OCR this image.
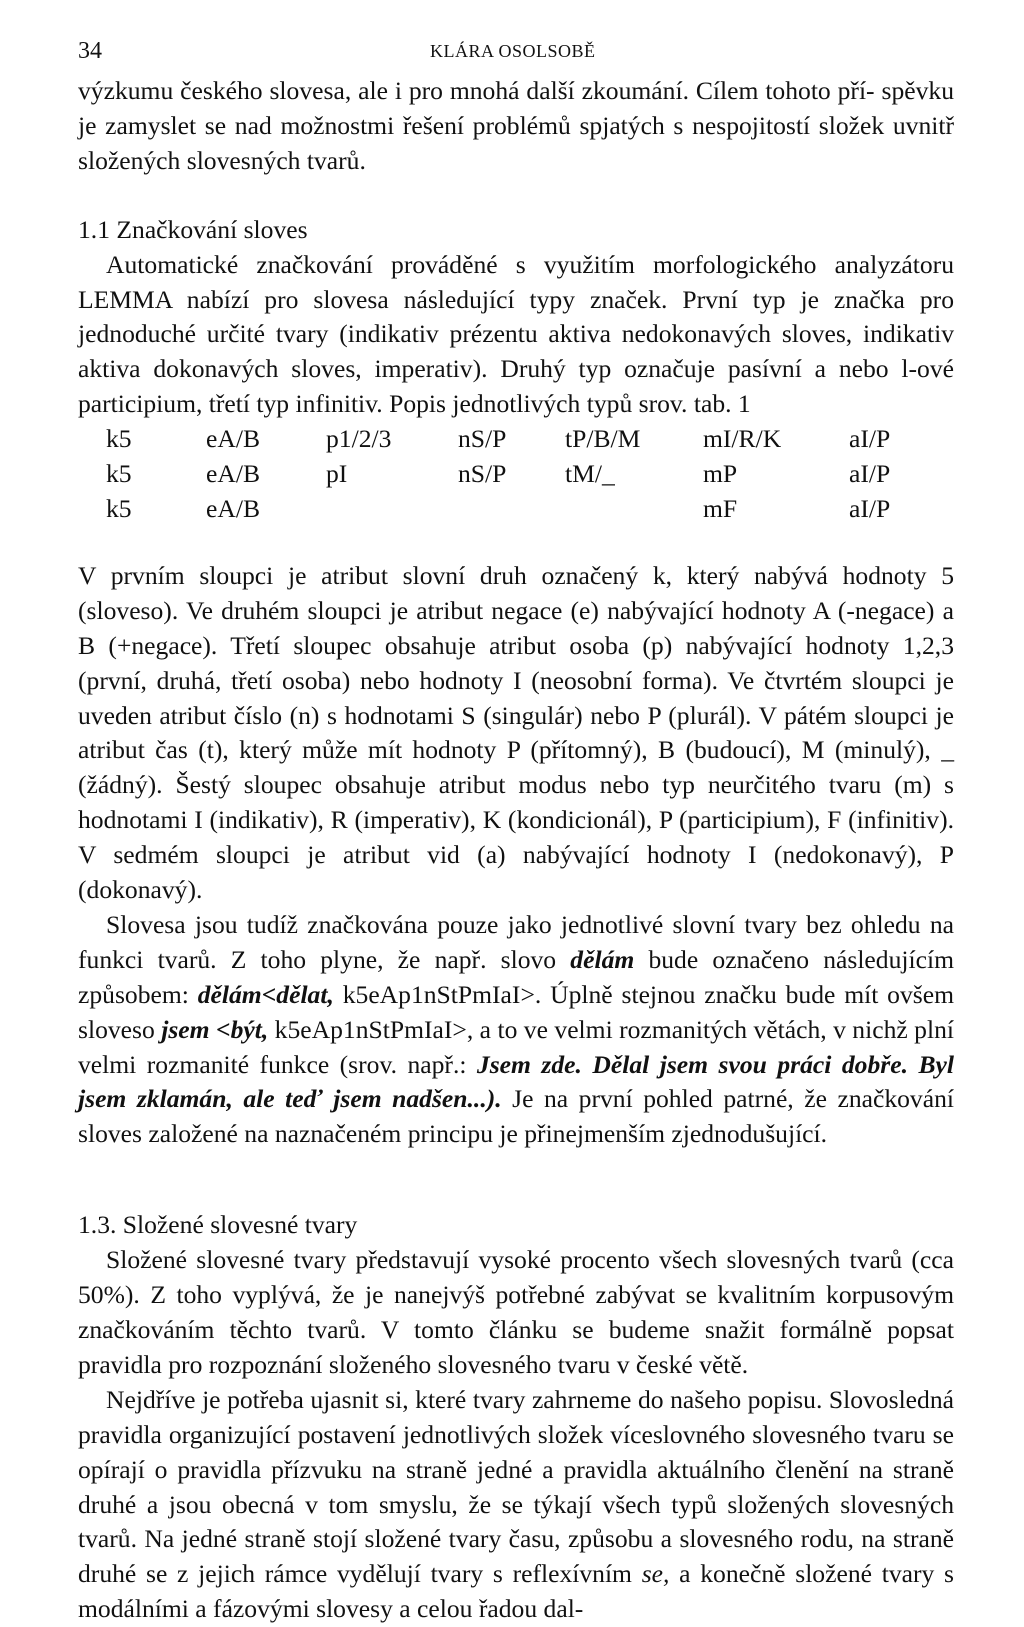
34	KLÁRA OSOLSOBĚ

výzkumu českého slovesa, ale i pro mnohá další zkoumání. Cílem tohoto pří- spěvku je zamyslet se nad možnostmi řešení problémů spjatých s nespojitostí složek uvnitř složených slovesných tvarů.

1.1 Značkování sloves

Automatické značkování prováděné s využitím morfologického analyzátoru LEMMA nabízí pro slovesa následující typy značek. První typ je značka pro jednoduché určité tvary (indikativ prézentu aktiva nedokonavých sloves, indikativ aktiva dokonavých sloves, imperativ). Druhý typ označuje pasívní a nebo l-ové participium, třetí typ infinitiv. Popis jednotlivých typů srov. tab. 1

k5	eA/B	p1/2/3	nS/P	tP/B/M	mI/R/K	aI/P
k5	eA/B	pI	nS/P	tM/_	mP	aI/P
k5	eA/B				mF	aI/P

V prvním sloupci je atribut slovní druh označený k, který nabývá hodnoty 5 (sloveso). Ve druhém sloupci je atribut negace (e) nabývající hodnoty A (-negace) a B (+negace). Třetí sloupec obsahuje atribut osoba (p) nabývající hodnoty 1,2,3 (první, druhá, třetí osoba) nebo hodnoty I (neosobní forma). Ve čtvrtém sloupci je uveden atribut číslo (n) s hodnotami S (singulár) nebo P (plurál). V pátém sloupci je atribut čas (t), který může mít hodnoty P (přítomný), B (budoucí), M (minulý), _ (žádný). Šestý sloupec obsahuje atribut modus nebo typ neurčitého tvaru (m) s hodnotami I (indikativ), R (imperativ), K (kondicionál), P (participium), F (infinitiv). V sedmém sloupci je atribut vid (a) nabývající hodnoty I (nedokonavý), P (dokonavý).

Slovesa jsou tudíž značkována pouze jako jednotlivé slovní tvary bez ohledu na funkci tvarů. Z toho plyne, že např. slovo dělám bude označeno následujícím způsobem: dělám<dělat, k5eAp1nStPmIaI>. Úplně stejnou značku bude mít ovšem sloveso jsem <být, k5eAp1nStPmIaI>, a to ve velmi rozmanitých větách, v nichž plní velmi rozmanité funkce (srov. např.: Jsem zde. Dělal jsem svou práci dobře. Byl jsem zklamán, ale teď jsem nadšen...). Je na první pohled patrné, že značkování sloves založené na naznačeném principu je přinejmenším zjednodušující.

1.3. Složené slovesné tvary

Složené slovesné tvary představují vysoké procento všech slovesných tvarů (cca 50%). Z toho vyplývá, že je nanejvýš potřebné zabývat se kvalitním korpusovým značkováním těchto tvarů. V tomto článku se budeme snažit formálně popsat pravidla pro rozpoznání složeného slovesného tvaru v české větě.

Nejdříve je potřeba ujasnit si, které tvary zahrneme do našeho popisu. Slovosledná pravidla organizující postavení jednotlivých složek víceslovného slovesného tvaru se opírají o pravidla přízvuku na straně jedné a pravidla aktuálního členění na straně druhé a jsou obecná v tom smyslu, že se týkají všech typů složených slovesných tvarů. Na jedné straně stojí složené tvary času, způsobu a slovesného rodu, na straně druhé se z jejich rámce vydělují tvary s reflexívním se, a konečně složené tvary s modálními a fázovými slovesy a celou řadou dal-
